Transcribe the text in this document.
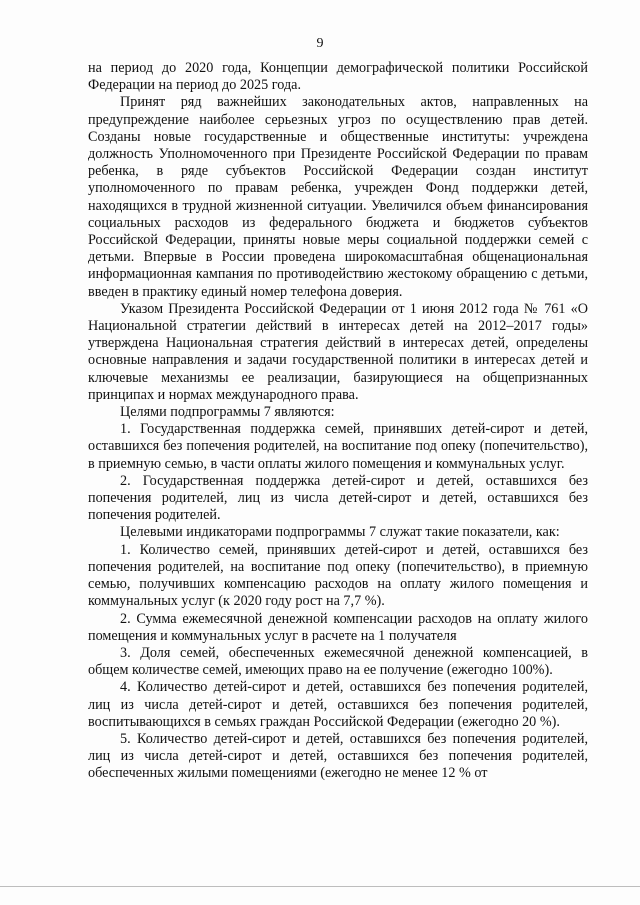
9

на период до 2020 года, Концепции демографической политики Российской Федерации на период до 2025 года.

Принят ряд важнейших законодательных актов, направленных на предупреждение наиболее серьезных угроз по осуществлению прав детей. Созданы новые государственные и общественные институты: учреждена должность Уполномоченного при Президенте Российской Федерации по правам ребенка, в ряде субъектов Российской Федерации создан институт уполномоченного по правам ребенка, учрежден Фонд поддержки детей, находящихся в трудной жизненной ситуации. Увеличился объем финансирования социальных расходов из федерального бюджета и бюджетов субъектов Российской Федерации, приняты новые меры социальной поддержки семей с детьми. Впервые в России проведена широкомасштабная общенациональная информационная кампания по противодействию жестокому обращению с детьми, введен в практику единый номер телефона доверия.

Указом Президента Российской Федерации от 1 июня 2012 года № 761 «О Национальной стратегии действий в интересах детей на 2012–2017 годы» утверждена Национальная стратегия действий в интересах детей, определены основные направления и задачи государственной политики в интересах детей и ключевые механизмы ее реализации, базирующиеся на общепризнанных принципах и нормах международного права.

Целями подпрограммы 7 являются:

1. Государственная поддержка семей, принявших детей-сирот и детей, оставшихся без попечения родителей, на воспитание под опеку (попечительство), в приемную семью, в части оплаты жилого помещения и коммунальных услуг.

2. Государственная поддержка детей-сирот и детей, оставшихся без попечения родителей, лиц из числа детей-сирот и детей, оставшихся без попечения родителей.

Целевыми индикаторами подпрограммы 7 служат такие показатели, как:

1. Количество семей, принявших детей-сирот и детей, оставшихся без попечения родителей, на воспитание под опеку (попечительство), в приемную семью, получивших компенсацию расходов на оплату жилого помещения и коммунальных услуг (к 2020 году рост на 7,7 %).

2. Сумма ежемесячной денежной компенсации расходов на оплату жилого помещения и коммунальных услуг в расчете на 1 получателя

3. Доля семей, обеспеченных ежемесячной денежной компенсацией, в общем количестве семей, имеющих право на ее получение (ежегодно 100%).

4. Количество детей-сирот и детей, оставшихся без попечения родителей, лиц из числа детей-сирот и детей, оставшихся без попечения родителей, воспитывающихся в семьях граждан Российской Федерации (ежегодно 20 %).

5. Количество детей-сирот и детей, оставшихся без попечения родителей, лиц из числа детей-сирот и детей, оставшихся без попечения родителей, обеспеченных жилыми помещениями (ежегодно не менее 12 % от
